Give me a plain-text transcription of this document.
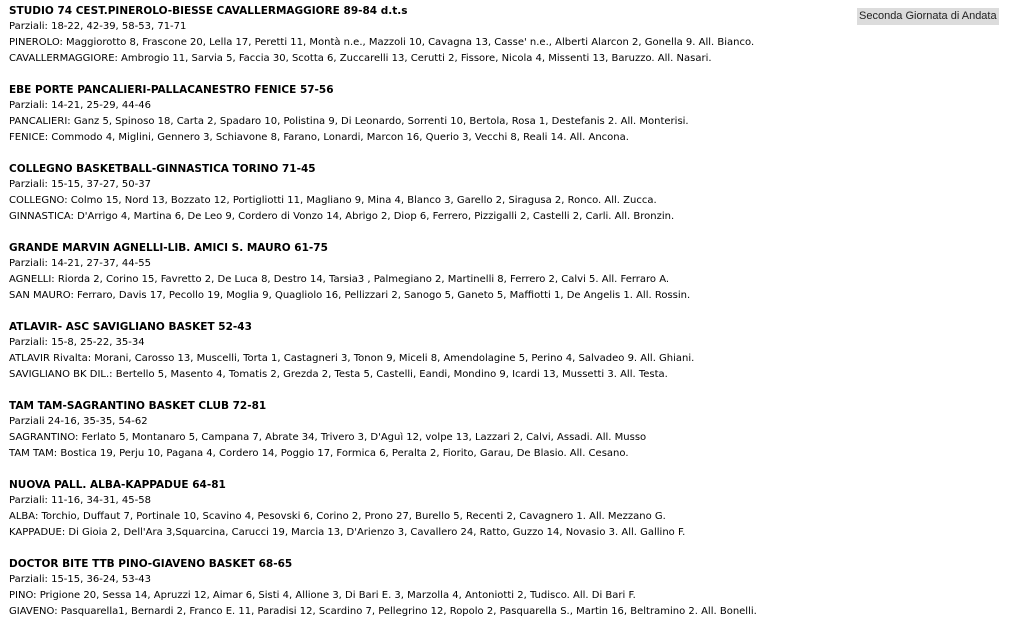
STUDIO 74 CEST.PINEROLO-BIESSE CAVALLERMAGGIORE 89-84 d.t.s
Parziali: 18-22, 42-39, 58-53, 71-71
PINEROLO: Maggiorotto 8, Frascone 20, Lella 17, Peretti 11, Montà n.e., Mazzoli 10, Cavagna 13, Casse' n.e., Alberti Alarcon 2, Gonella 9. All. Bianco.
CAVALLERMAGGIORE: Ambrogio 11, Sarvia 5, Faccia 30, Scotta 6, Zuccarelli 13, Cerutti 2, Fissore, Nicola 4, Missenti 13, Baruzzo. All. Nasari.
EBE PORTE PANCALIERI-PALLACANESTRO FENICE 57-56
Parziali: 14-21, 25-29, 44-46
PANCALIERI: Ganz 5, Spinoso 18, Carta 2, Spadaro 10, Polistina 9, Di Leonardo, Sorrenti 10, Bertola, Rosa 1, Destefanis 2. All. Monterisi.
FENICE: Commodo 4, Miglini, Gennero 3, Schiavone 8, Farano, Lonardi, Marcon 16, Querio 3, Vecchi 8, Reali 14. All. Ancona.
COLLEGNO BASKETBALL-GINNASTICA TORINO 71-45
Parziali: 15-15, 37-27, 50-37
COLLEGNO: Colmo 15, Nord 13, Bozzato 12, Portigliotti 11, Magliano 9, Mina 4, Blanco 3, Garello 2, Siragusa 2, Ronco. All. Zucca.
GINNASTICA: D'Arrigo 4, Martina 6, De Leo 9, Cordero di Vonzo 14, Abrigo 2, Diop 6, Ferrero, Pizzigalli 2, Castelli 2, Carli. All. Bronzin.
GRANDE MARVIN AGNELLI-LIB. AMICI S. MAURO 61-75
Parziali: 14-21, 27-37, 44-55
AGNELLI: Riorda 2, Corino 15, Favretto 2, De Luca 8, Destro 14, Tarsia3 , Palmegiano 2, Martinelli 8, Ferrero 2, Calvi 5. All. Ferraro A.
SAN MAURO: Ferraro, Davis 17, Pecollo 19, Moglia 9, Quagliolo 16, Pellizzari 2, Sanogo 5, Ganeto 5, Maffiotti 1, De Angelis 1. All. Rossin.
ATLAVIR- ASC SAVIGLIANO BASKET 52-43
Parziali: 15-8, 25-22, 35-34
ATLAVIR Rivalta: Morani, Carosso 13, Muscelli, Torta 1, Castagneri 3, Tonon 9, Miceli 8, Amendolagine 5, Perino 4, Salvadeo 9. All. Ghiani.
SAVIGLIANO BK DIL.: Bertello 5, Masento 4, Tomatis 2, Grezda 2, Testa 5, Castelli, Eandi, Mondino 9, Icardi 13, Mussetti 3. All. Testa.
TAM TAM-SAGRANTINO BASKET CLUB 72-81
Parziali 24-16, 35-35, 54-62
SAGRANTINO: Ferlato 5, Montanaro 5, Campana 7, Abrate 34, Trivero 3, D'Aguì 12, volpe 13, Lazzari 2, Calvi, Assadi. All. Musso
TAM TAM: Bostica 19, Perju 10, Pagana 4, Cordero 14, Poggio 17, Formica 6, Peralta 2, Fiorito, Garau, De Blasio. All. Cesano.
NUOVA PALL. ALBA-KAPPADUE 64-81
Parziali: 11-16, 34-31, 45-58
ALBA: Torchio, Duffaut 7, Portinale 10, Scavino 4, Pesovski 6, Corino 2, Prono 27, Burello 5, Recenti 2, Cavagnero 1. All. Mezzano G.
KAPPADUE: Di Gioia 2, Dell'Ara 3,Squarcina, Carucci 19, Marcia 13, D'Arienzo 3, Cavallero 24, Ratto, Guzzo 14, Novasio 3. All. Gallino F.
DOCTOR BITE TTB PINO-GIAVENO BASKET 68-65
Parziali: 15-15, 36-24, 53-43
PINO: Prigione 20, Sessa 14, Apruzzi 12, Aimar 6, Sisti 4, Allione 3, Di Bari E. 3, Marzolla 4, Antoniotti 2, Tudisco. All. Di Bari F.
GIAVENO: Pasquarella1, Bernardi 2, Franco E. 11, Paradisi 12, Scardino 7, Pellegrino 12, Ropolo 2, Pasquarella S., Martin 16, Beltramino 2. All. Bonelli.
Seconda Giornata di Andata
